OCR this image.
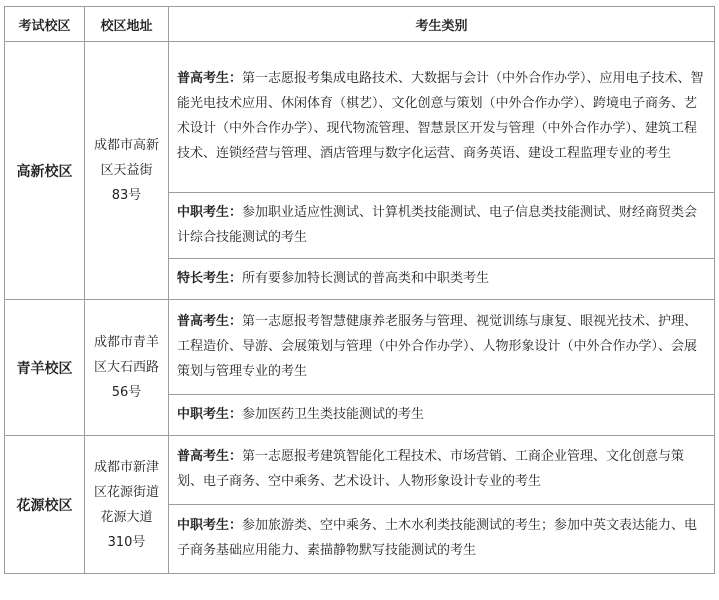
考试校区	校区地址	考生类别
高新校区	成都市高新区天益街83号	普高考生：第一志愿报考集成电路技术、大数据与会计（中外合作办学）、应用电子技术、智能光电技术应用、休闲体育（棋艺）、文化创意与策划（中外合作办学）、跨境电子商务、艺术设计（中外合作办学）、现代物流管理、智慧景区开发与管理（中外合作办学）、建筑工程技术、连锁经营与管理、酒店管理与数字化运营、商务英语、建设工程监理专业的考生
		中职考生：参加职业适应性测试、计算机类技能测试、电子信息类技能测试、财经商贸类会计综合技能测试的考生
		特长考生：所有要参加特长测试的普高类和中职类考生
青羊校区	成都市青羊区大石西路56号	普高考生：第一志愿报考智慧健康养老服务与管理、视觉训练与康复、眼视光技术、护理、工程造价、导游、会展策划与管理（中外合作办学）、人物形象设计（中外合作办学）、会展策划与管理专业的考生
		中职考生：参加医药卫生类技能测试的考生
花源校区	成都市新津区花源街道花源大道310号	普高考生：第一志愿报考建筑智能化工程技术、市场营销、工商企业管理、文化创意与策划、电子商务、空中乘务、艺术设计、人物形象设计专业的考生
		中职考生：参加旅游类、空中乘务、土木水利类技能测试的考生；参加中英文表达能力、电子商务基础应用能力、素描静物默写技能测试的考生
